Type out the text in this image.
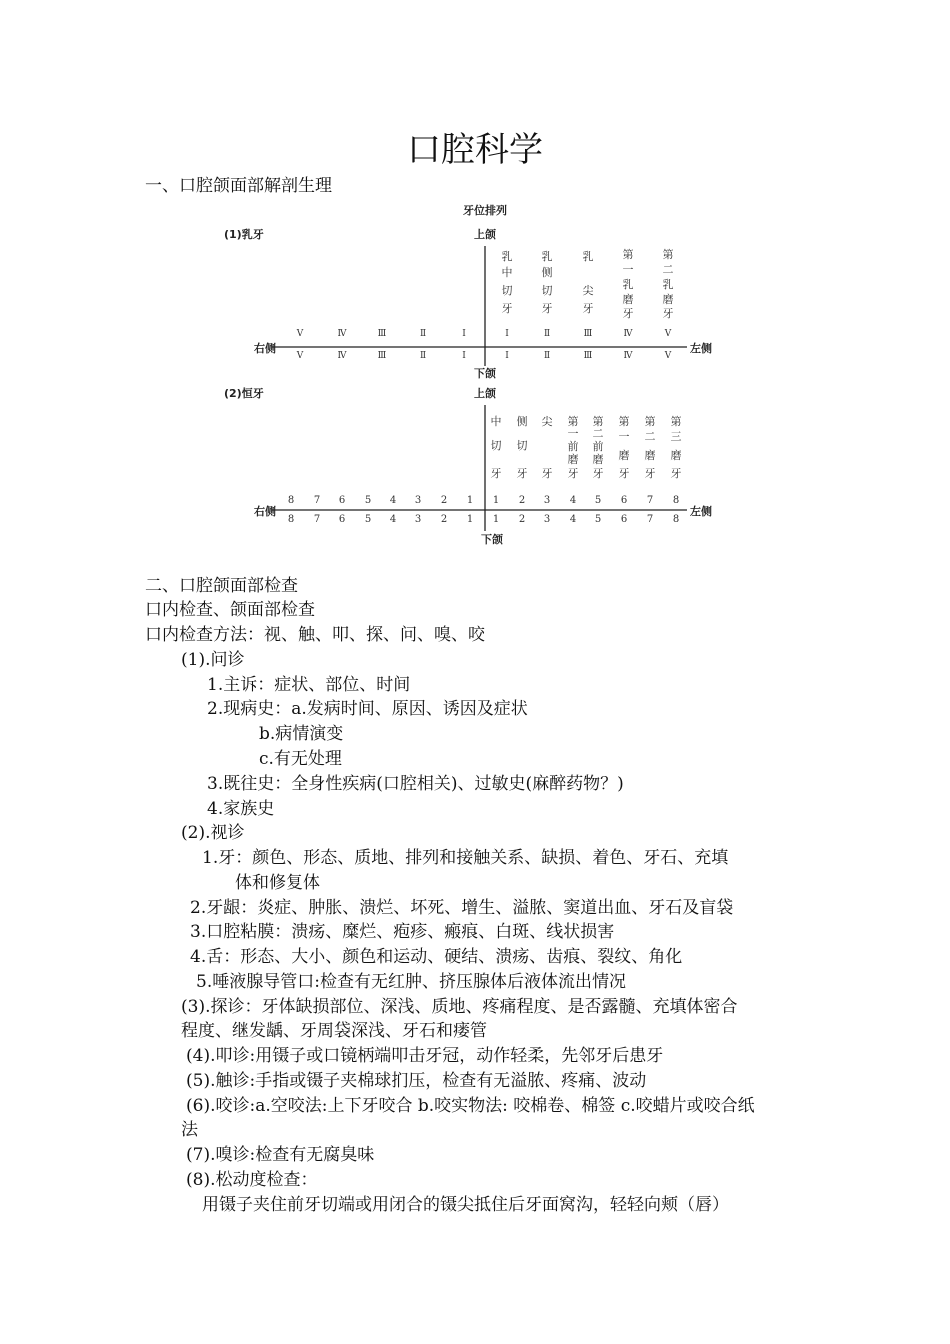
口腔科学
一、口腔颌面部解剖生理
牙位排列
(1)乳牙	上颌
右侧	左侧
下颌
乳
中
切
牙
乳
侧
切
牙
乳
尖
牙
第
一
乳
磨
牙
第
二
乳
磨
牙
Ⅰ	Ⅰ
Ⅱ	Ⅱ
Ⅲ	Ⅲ
Ⅳ	Ⅳ
Ⅴ	Ⅴ
Ⅰ	Ⅰ
Ⅱ	Ⅱ
Ⅲ	Ⅲ
Ⅳ	Ⅳ
Ⅴ	Ⅴ
(2)恒牙	上颌
右侧	左侧
下颌
中
切
牙
侧
切
牙
尖
牙
第
一
前
磨
牙
第
二
前
磨
牙
第
一
磨
牙
第
二
磨
牙
第
三
磨
牙
1 1
2	2
3	3
4	4
5	5
6	6
7	7
8	8
1 1
2	2
3	3
4	4
5	5
6	6
7	7
8	8
二、口腔颌面部检查
口内检查、颌面部检查
口内检查方法：视、触、叩、探、问、嗅、咬
(1).问诊
1.主诉：症状、部位、时间
2.现病史：a.发病时间、原因、诱因及症状
b.病情演变
c.有无处理
3.既往史：全身性疾病(口腔相关)、过敏史(麻醉药物？)
4.家族史
(2).视诊
1.牙：颜色、形态、质地、排列和接触关系、缺损、着色、牙石、充填
体和修复体
2.牙龈：炎症、肿胀、溃烂、坏死、增生、溢脓、窦道出血、牙石及盲袋
3.口腔粘膜：溃疡、糜烂、疱疹、瘢痕、白斑、线状损害
4.舌：形态、大小、颜色和运动、硬结、溃疡、齿痕、裂纹、角化
5.唾液腺导管口:检查有无红肿、挤压腺体后液体流出情况
(3).探诊：牙体缺损部位、深浅、质地、疼痛程度、是否露髓、充填体密合
程度、继发龋、牙周袋深浅、牙石和瘘管
(4).叩诊:用镊子或口镜柄端叩击牙冠，动作轻柔，先邻牙后患牙
(5).触诊:手指或镊子夹棉球扪压，检查有无溢脓、疼痛、波动
(6).咬诊:a.空咬法:上下牙咬合 b.咬实物法: 咬棉卷、棉签 c.咬蜡片或咬合纸
法
(7).嗅诊:检查有无腐臭味
(8).松动度检查：
用镊子夹住前牙切端或用闭合的镊尖抵住后牙面窝沟，轻轻向颊（唇）
